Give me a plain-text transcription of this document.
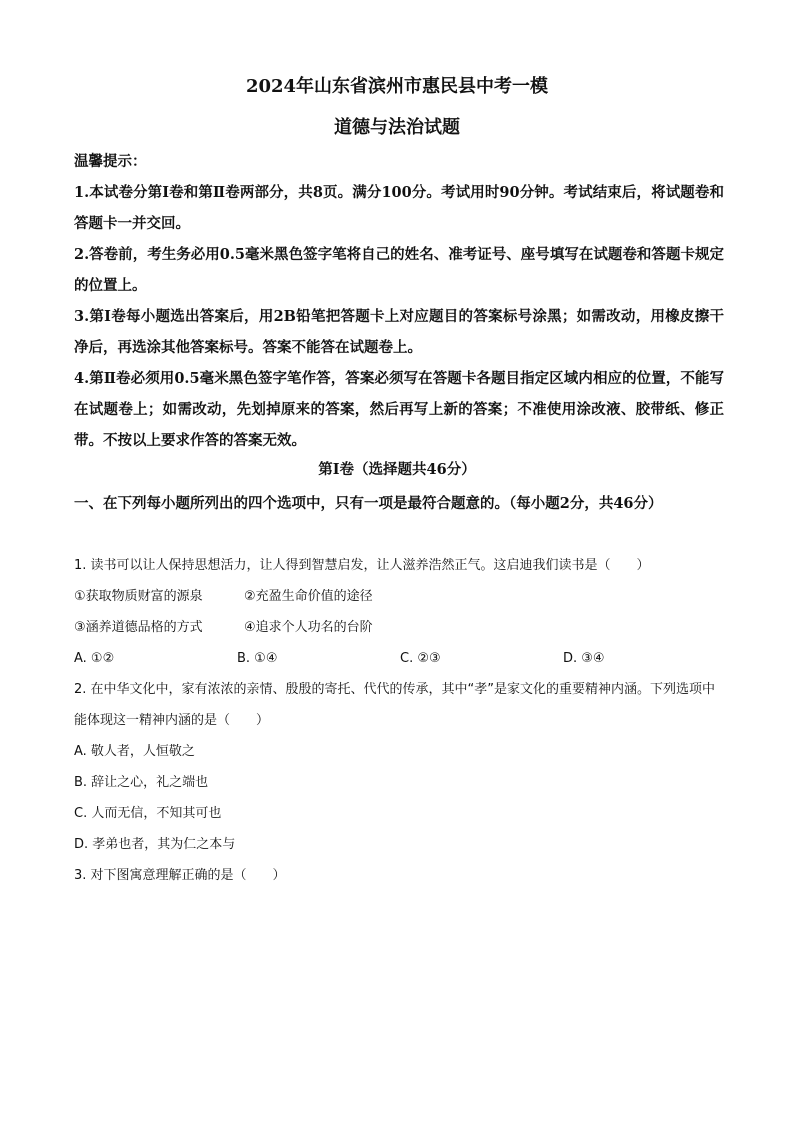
2024年山东省滨州市惠民县中考一模
道德与法治试题
温馨提示：
1.本试卷分第Ⅰ卷和第Ⅱ卷两部分，共8页。满分100分。考试用时90分钟。考试结束后，将试题卷和答题卡一并交回。
2.答卷前，考生务必用0.5毫米黑色签字笔将自己的姓名、准考证号、座号填写在试题卷和答题卡规定的位置上。
3.第Ⅰ卷每小题选出答案后，用2B铅笔把答题卡上对应题目的答案标号涂黑；如需改动，用橡皮擦干净后，再选涂其他答案标号。答案不能答在试题卷上。
4.第Ⅱ卷必须用0.5毫米黑色签字笔作答，答案必须写在答题卡各题目指定区域内相应的位置，不能写在试题卷上；如需改动，先划掉原来的答案，然后再写上新的答案；不准使用涂改液、胶带纸、修正带。不按以上要求作答的答案无效。
第Ⅰ卷（选择题共46分）
一、在下列每小题所列出的四个选项中，只有一项是最符合题意的。（每小题2分，共46分）
1. 读书可以让人保持思想活力，让人得到智慧启发，让人滋养浩然正气。这启迪我们读书是（　　）
①获取物质财富的源泉	②充盈生命价值的途径
③涵养道德品格的方式	④追求个人功名的台阶
A. ①②	B. ①④	C. ②③	D. ③④
2. 在中华文化中，家有浓浓的亲情、殷殷的寄托、代代的传承，其中“孝”是家文化的重要精神内涵。下列选项中能体现这一精神内涵的是（　　）
A. 敬人者，人恒敬之
B. 辞让之心，礼之端也
C. 人而无信，不知其可也
D. 孝弟也者，其为仁之本与
3. 对下图寓意理解正确的是（　　）
